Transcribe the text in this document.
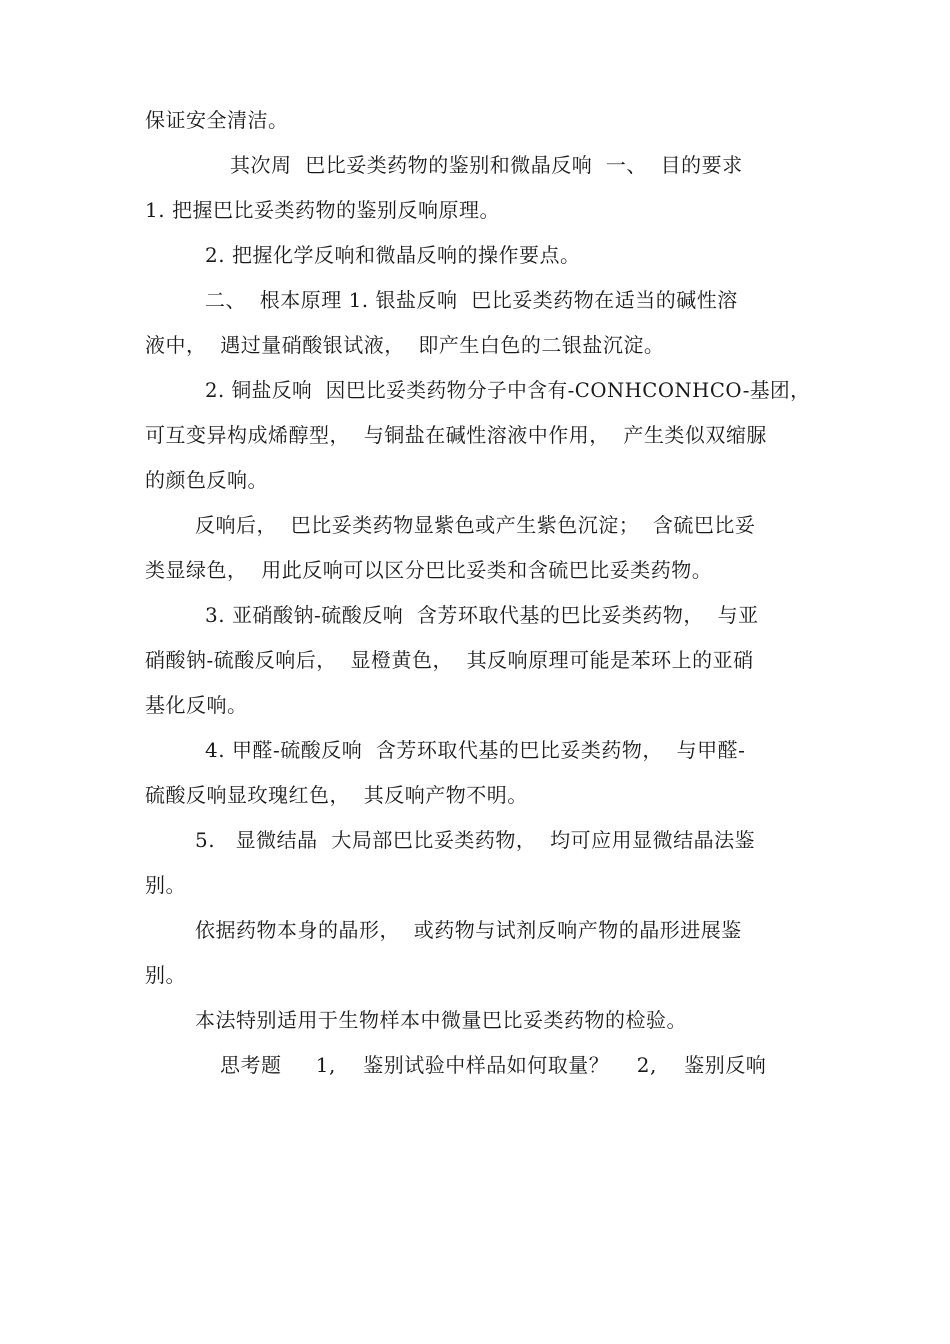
保证安全清洁。
其次周  巴比妥类药物的鉴别和微晶反响  一、  目的要求
1. 把握巴比妥类药物的鉴别反响原理。
2. 把握化学反响和微晶反响的操作要点。
二、  根本原理 1. 银盐反响  巴比妥类药物在适当的碱性溶
液中，  遇过量硝酸银试液，  即产生白色的二银盐沉淀。
2. 铜盐反响  因巴比妥类药物分子中含有-CONHCONHCO-基团，
可互变异构成烯醇型，  与铜盐在碱性溶液中作用，  产生类似双缩脲
的颜色反响。
反响后，  巴比妥类药物显紫色或产生紫色沉淀；  含硫巴比妥
类显绿色，  用此反响可以区分巴比妥类和含硫巴比妥类药物。
3. 亚硝酸钠-硫酸反响  含芳环取代基的巴比妥类药物，  与亚
硝酸钠-硫酸反响后，  显橙黄色，  其反响原理可能是苯环上的亚硝
基化反响。
4. 甲醛-硫酸反响  含芳环取代基的巴比妥类药物，  与甲醛-
硫酸反响显玫瑰红色，  其反响产物不明。
5.   显微结晶  大局部巴比妥类药物，  均可应用显微结晶法鉴
别。
依据药物本身的晶形，  或药物与试剂反响产物的晶形进展鉴
别。
本法特别适用于生物样本中微量巴比妥类药物的检验。
思考题     1,    鉴别试验中样品如何取量？    2,    鉴别反响
